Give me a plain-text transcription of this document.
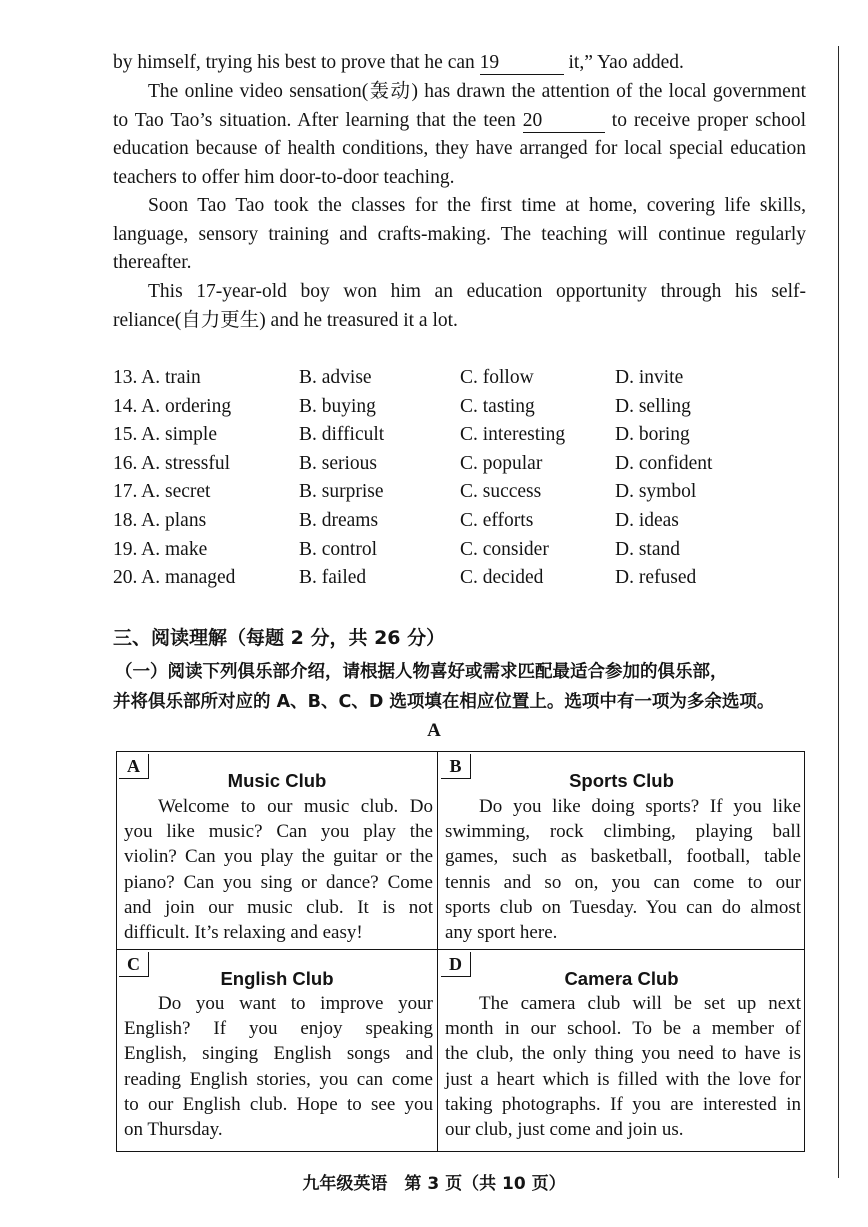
by himself, trying his best to prove that he can 19	it,” Yao added.
The online video sensation(轰动) has drawn the attention of the local government
to Tao Tao’s situation. After learning that the teen 20	to receive proper school
education because of health conditions, they have arranged for local special education
teachers to offer him door-to-door teaching.
Soon Tao Tao took the classes for the first time at home, covering life skills,
language, sensory training and crafts-making. The teaching will continue regularly
thereafter.
This 17-year-old boy won him an education opportunity through his self-
reliance(自力更生) and he treasured it a lot.
13. A. train	B. advise	C. follow	D. invite
14. A. ordering	B. buying	C. tasting	D. selling
15. A. simple	B. difficult	C. interesting	D. boring
16. A. stressful	B. serious	C. popular	D. confident
17. A. secret	B. surprise	C. success	D. symbol
18. A. plans	B. dreams	C. efforts	D. ideas
19. A. make	B. control	C. consider	D. stand
20. A. managed	B. failed	C. decided	D. refused
三、阅读理解（每题 2 分，共 26 分）
（一）阅读下列俱乐部介绍，请根据人物喜好或需求匹配最适合参加的俱乐部，
并将俱乐部所对应的 A、B、C、D 选项填在相应位置上。选项中有一项为多余选项。
A
A
Music Club
Welcome to our music club. Do
you like music? Can you play the
violin? Can you play the guitar or the
piano? Can you sing or dance? Come
and join our music club. It is not
difficult. It’s relaxing and easy!
B
Sports Club
Do you like doing sports? If you like
swimming, rock climbing, playing ball
games, such as basketball, football, table
tennis and so on, you can come to our
sports club on Tuesday. You can do almost
any sport here.
C
English Club
Do you want to improve your
English? If you enjoy speaking
English, singing English songs and
reading English stories, you can come
to our English club. Hope to see you
on Thursday.
D
Camera Club
The camera club will be set up next
month in our school. To be a member of
the club, the only thing you need to have is
just a heart which is filled with the love for
taking photographs. If you are interested in
our club, just come and join us.
九年级英语　第 3 页（共 10 页）
